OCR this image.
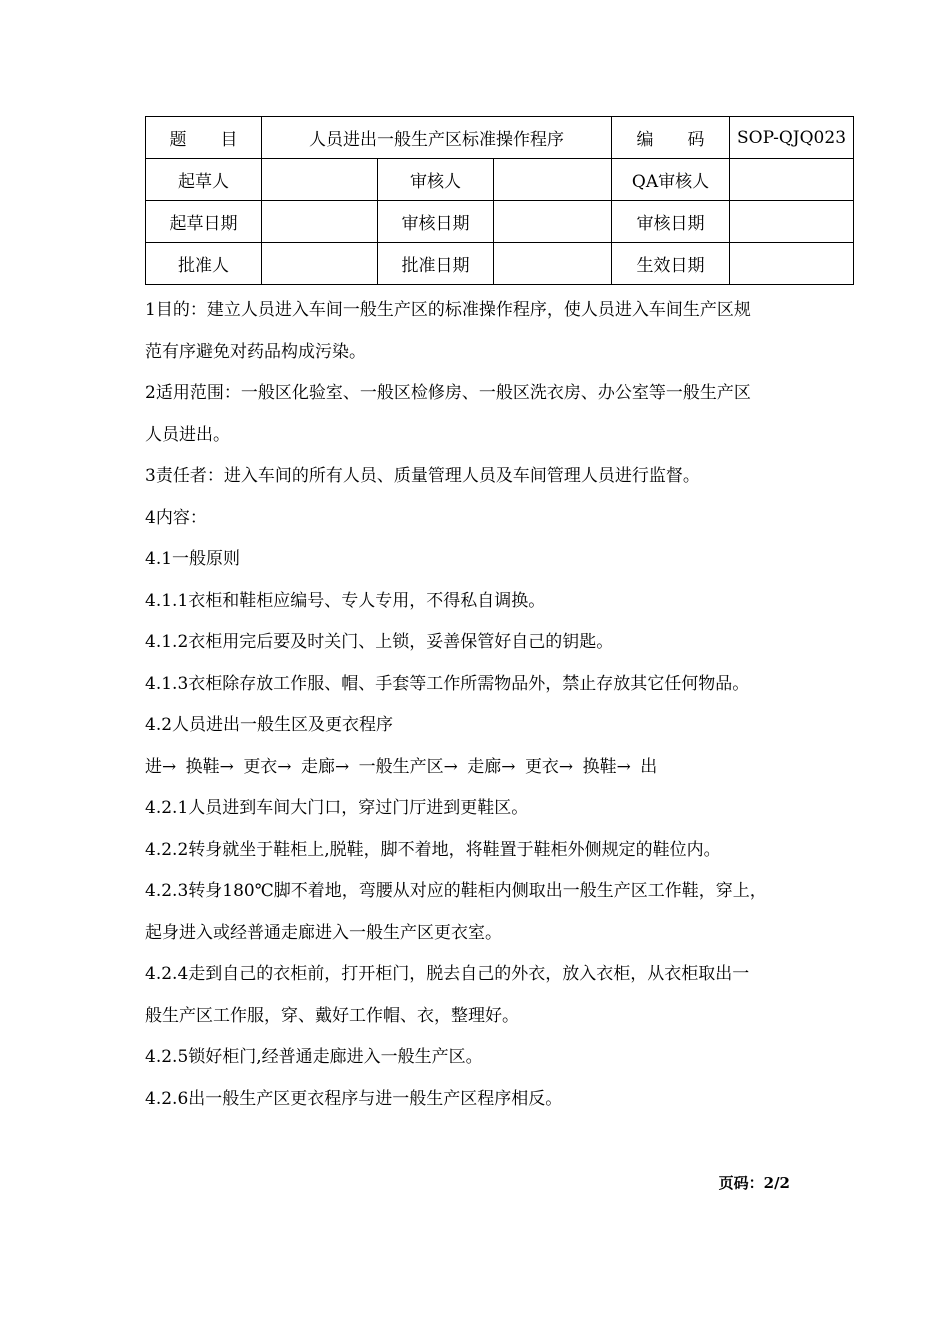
题　　目	人员进出一般生产区标准操作程序			编　　码	SOP-QJQ023
起草人		审核人		QA审核人	
起草日期		审核日期		审核日期	
批准人		批准日期		生效日期	

1目的：建立人员进入车间一般生产区的标准操作程序，使人员进入车间生产区规

范有序避免对药品构成污染。

2适用范围：一般区化验室、一般区检修房、一般区洗衣房、办公室等一般生产区

人员进出。

3责任者：进入车间的所有人员、质量管理人员及车间管理人员进行监督。

4内容：

4.1一般原则

4.1.1衣柜和鞋柜应编号、专人专用，不得私自调换。

4.1.2衣柜用完后要及时关门、上锁，妥善保管好自己的钥匙。

4.1.3衣柜除存放工作服、帽、手套等工作所需物品外，禁止存放其它任何物品。

4.2人员进出一般生区及更衣程序

进→ 换鞋→ 更衣→ 走廊→ 一般生产区→ 走廊→ 更衣→ 换鞋→ 出

4.2.1人员进到车间大门口，穿过门厅进到更鞋区。

4.2.2转身就坐于鞋柜上,脱鞋，脚不着地，将鞋置于鞋柜外侧规定的鞋位内。

4.2.3转身180℃脚不着地，弯腰从对应的鞋柜内侧取出一般生产区工作鞋，穿上，

起身进入或经普通走廊进入一般生产区更衣室。

4.2.4走到自己的衣柜前，打开柜门，脱去自己的外衣，放入衣柜，从衣柜取出一

般生产区工作服，穿、戴好工作帽、衣，整理好。

4.2.5锁好柜门,经普通走廊进入一般生产区。

4.2.6出一般生产区更衣程序与进一般生产区程序相反。

页码：2/2
